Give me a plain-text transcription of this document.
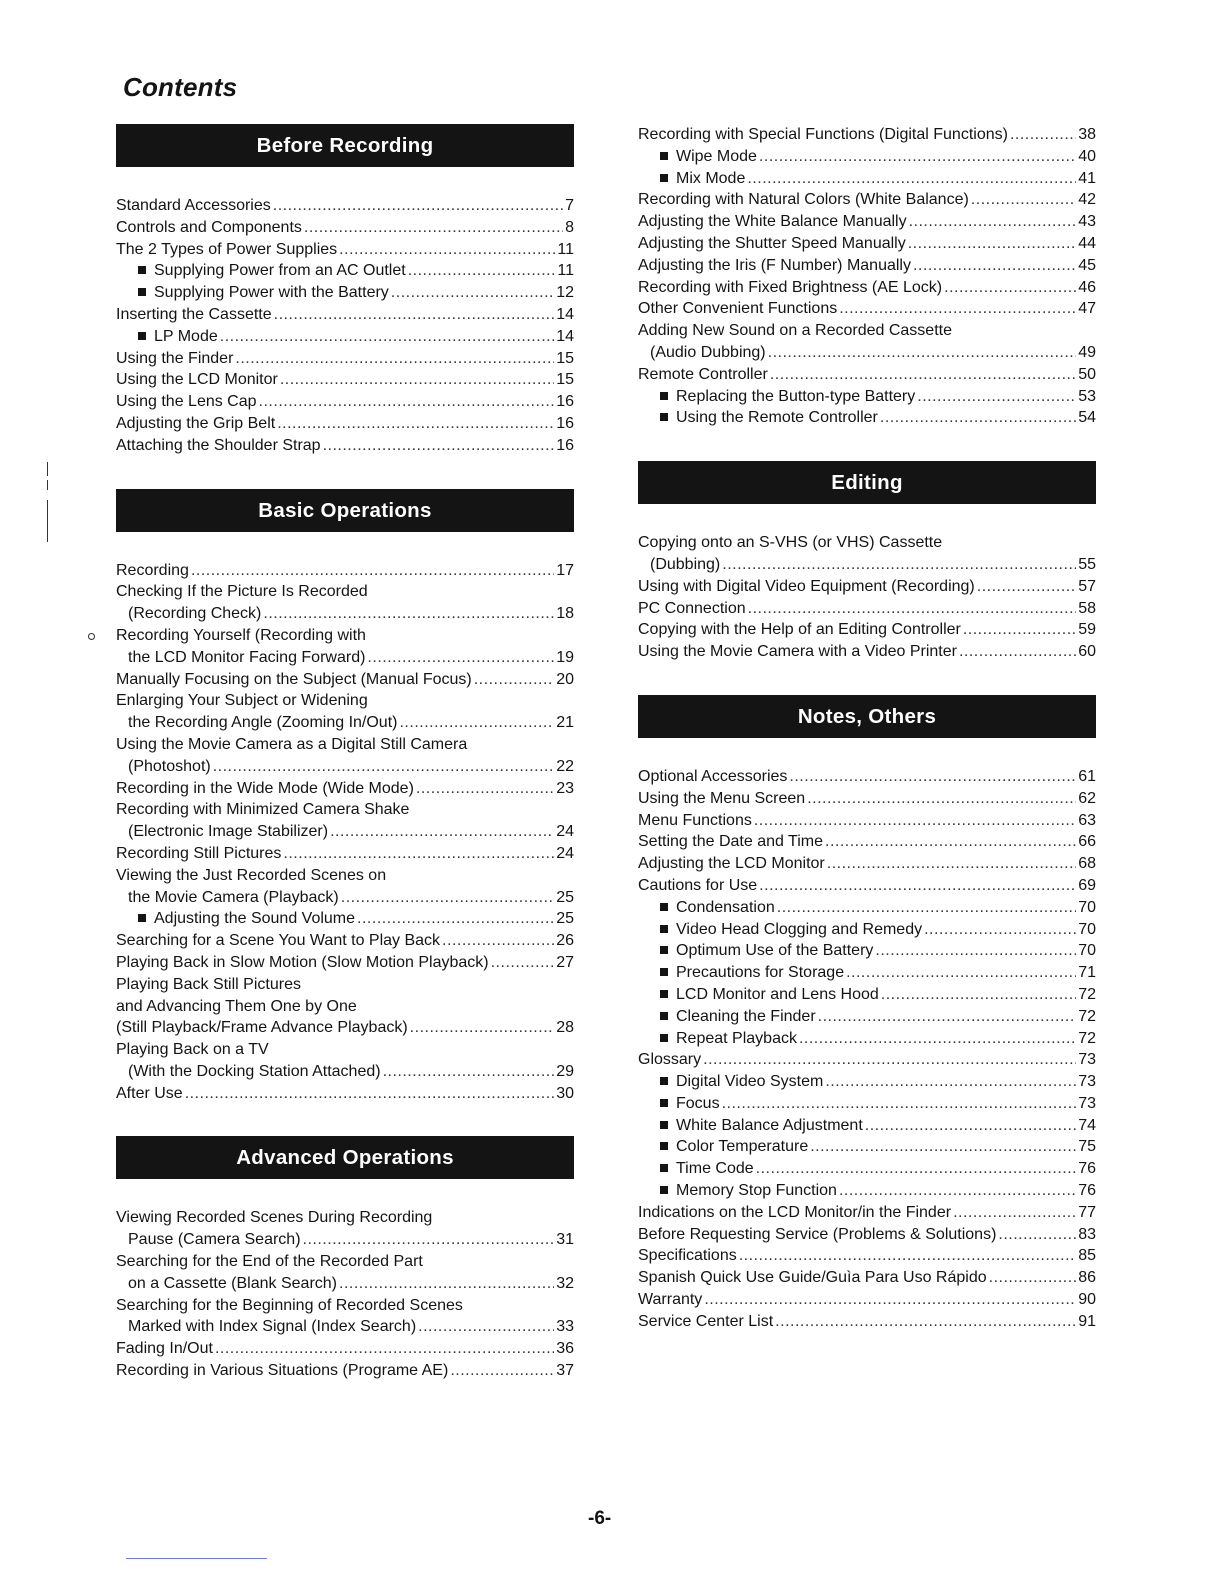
Contents
Before Recording
Standard Accessories .....	7
Controls and Components .....	8
The 2 Types of Power Supplies .....	11
Supplying Power from an AC Outlet .....	11
Supplying Power with the Battery .....	12
Inserting the Cassette .....	14
LP Mode .....	14
Using the Finder .....	15
Using the LCD Monitor .....	15
Using the Lens Cap .....	16
Adjusting the Grip Belt .....	16
Attaching the Shoulder Strap .....	16
Basic Operations
Recording .....	17
Checking If the Picture Is Recorded
(Recording Check) .....	18
Recording Yourself (Recording with
the LCD Monitor Facing Forward) .....	19
Manually Focusing on the Subject (Manual Focus) .....	20
Enlarging Your Subject or Widening
the Recording Angle (Zooming In/Out) .....	21
Using the Movie Camera as a Digital Still Camera
(Photoshot) .....	22
Recording in the Wide Mode (Wide Mode) .....	23
Recording with Minimized Camera Shake
(Electronic Image Stabilizer) .....	24
Recording Still Pictures .....	24
Viewing the Just Recorded Scenes on
the Movie Camera (Playback) .....	25
Adjusting the Sound Volume .....	25
Searching for a Scene You Want to Play Back .....	26
Playing Back in Slow Motion (Slow Motion Playback) .....	27
Playing Back Still Pictures
and Advancing Them One by One
(Still Playback/Frame Advance Playback) .....	28
Playing Back on a TV
(With the Docking Station Attached) .....	29
After Use .....	30
Advanced Operations
Viewing Recorded Scenes During Recording
Pause (Camera Search) .....	31
Searching for the End of the Recorded Part
on a Cassette (Blank Search) .....	32
Searching for the Beginning of Recorded Scenes
Marked with Index Signal (Index Search) .....	33
Fading In/Out .....	36
Recording in Various Situations (Programe AE) .....	37
Recording with Special Functions (Digital Functions) .....	38
Wipe Mode .....	40
Mix Mode .....	41
Recording with Natural Colors (White Balance) .....	42
Adjusting the White Balance Manually .....	43
Adjusting the Shutter Speed Manually .....	44
Adjusting the Iris (F Number) Manually .....	45
Recording with Fixed Brightness (AE Lock) .....	46
Other Convenient Functions .....	47
Adding New Sound on a Recorded Cassette
(Audio Dubbing) .....	49
Remote Controller .....	50
Replacing the Button-type Battery .....	53
Using the Remote Controller .....	54
Editing
Copying onto an S-VHS (or VHS) Cassette
(Dubbing) .....	55
Using with Digital Video Equipment (Recording) .....	57
PC Connection .....	58
Copying with the Help of an Editing Controller .....	59
Using the Movie Camera with a Video Printer .....	60
Notes, Others
Optional Accessories .....	61
Using the Menu Screen .....	62
Menu Functions .....	63
Setting the Date and Time .....	66
Adjusting the LCD Monitor .....	68
Cautions for Use .....	69
Condensation .....	70
Video Head Clogging and Remedy .....	70
Optimum Use of the Battery .....	70
Precautions for Storage .....	71
LCD Monitor and Lens Hood .....	72
Cleaning the Finder .....	72
Repeat Playback .....	72
Glossary .....	73
Digital Video System .....	73
Focus .....	73
White Balance Adjustment .....	74
Color Temperature .....	75
Time Code .....	76
Memory Stop Function .....	76
Indications on the LCD Monitor/in the Finder .....	77
Before Requesting Service (Problems & Solutions) .....	83
Specifications .....	85
Spanish Quick Use Guide/Guìa Para Uso Rápido .....	86
Warranty .....	90
Service Center List .....	91
-6-
